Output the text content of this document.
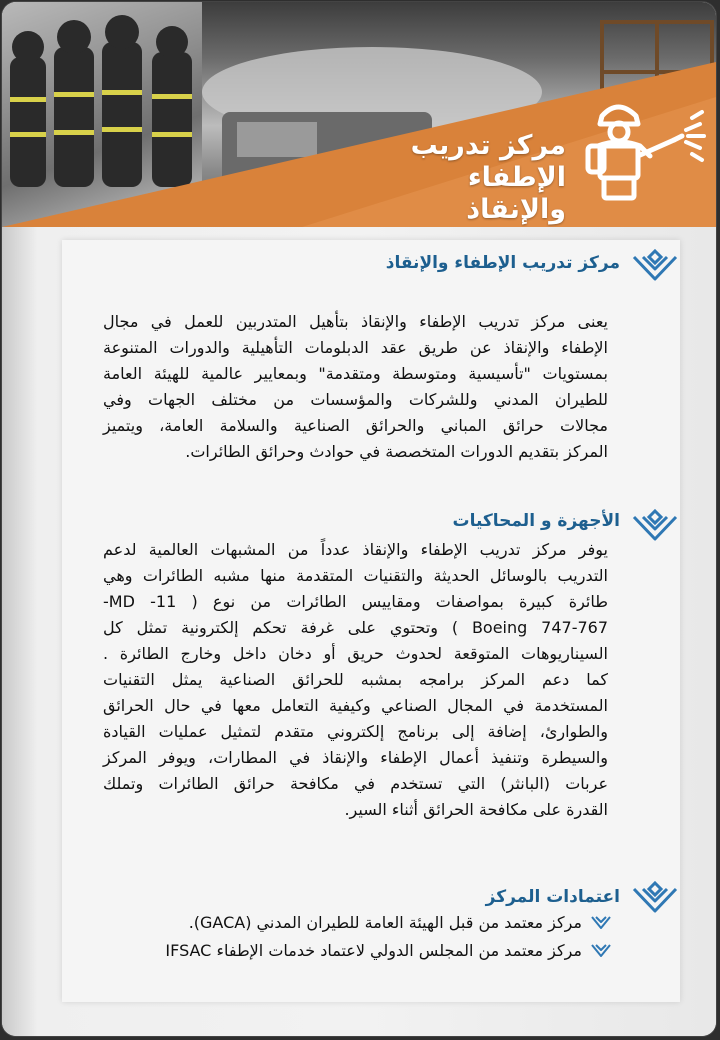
مركز تدريب الإطفاء
والإنقاذ
مركز تدريب الإطفاء والإنقاذ
يعنى مركز تدريب الإطفاء والإنقاذ بتأهيل المتدربين للعمل في مجال
الإطفاء والإنقاذ عن طريق عقد الدبلومات التأهيلية والدورات المتنوعة
بمستويات "تأسيسية ومتوسطة ومتقدمة" وبمعايير عالمية للهيئة العامة
للطيران المدني وللشركات والمؤسسات من مختلف الجهات وفي
مجالات حرائق المباني والحرائق الصناعية والسلامة العامة، ويتميز
المركز بتقديم الدورات المتخصصة في حوادث وحرائق الطائرات.
الأجهزة و المحاكيات
يوفر مركز تدريب الإطفاء والإنقاذ عدداً من المشبهات العالمية لدعم
التدريب بالوسائل الحديثة والتقنيات المتقدمة منها مشبه الطائرات وهي
طائرة كبيرة بمواصفات ومقاييس الطائرات من نوع ( MD -11-
Boeing 747-767 ) وتحتوي على غرفة تحكم إلكترونية تمثل كل
السيناريوهات المتوقعة لحدوث حريق أو دخان داخل وخارج الطائرة .
كما دعم المركز برامجه بمشبه للحرائق الصناعية يمثل التقنيات
المستخدمة في المجال الصناعي وكيفية التعامل معها في حال الحرائق
والطوارئ، إضافة إلى برنامج إلكتروني متقدم لتمثيل عمليات القيادة
والسيطرة وتنفيذ أعمال الإطفاء والإنقاذ في المطارات، ويوفر المركز
عربات (البانثر) التي تستخدم في مكافحة حرائق الطائرات وتملك
القدرة على مكافحة الحرائق أثناء السير.
اعتمادات المركز
مركز معتمد من قبل الهيئة العامة للطيران المدني (GACA).
مركز معتمد من المجلس الدولي لاعتماد خدمات الإطفاء IFSAC
